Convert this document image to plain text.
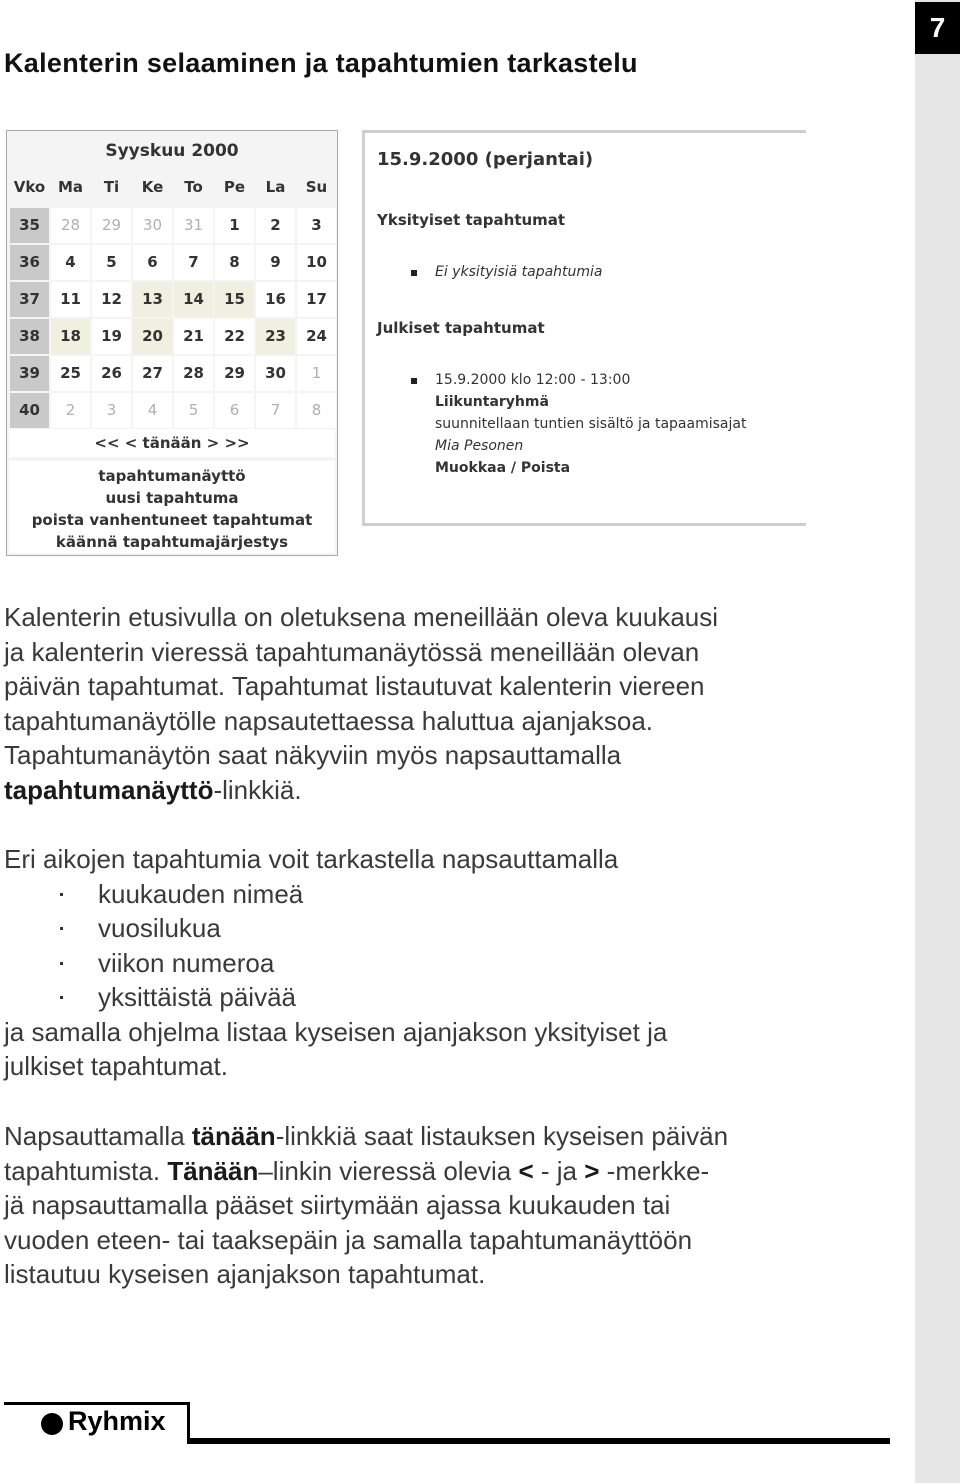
7
Kalenterin selaaminen ja tapahtumien tarkastelu
Syyskuu 2000
Vko Ma	Ti	Ke	To	Pe	La	Su
35	28	29	30	31	1	2	3
36	4	5	6	7	8	9	10
37	11	12	13	14	15	16	17
38	18	19	20	21	22	23	24
39	25	26	27	28	29	30	1
40	2	3	4	5	6	7	8
<< < tänään > >>
tapahtumanäyttö
uusi tapahtuma
poista vanhentuneet tapahtumat
käännä tapahtumajärjestys
15.9.2000 (perjantai)
Yksityiset tapahtumat
Ei yksityisiä tapahtumia
Julkiset tapahtumat
15.9.2000 klo 12:00 - 13:00
Liikuntaryhmä
suunnitellaan tuntien sisältö ja tapaamisajat
Mia Pesonen
Muokkaa / Poista
Kalenterin etusivulla on oletuksena meneillään oleva kuukausi
ja kalenterin vieressä tapahtumanäytössä meneillään olevan
päivän tapahtumat. Tapahtumat listautuvat kalenterin viereen
tapahtumanäytölle napsautettaessa haluttua ajanjaksoa.
Tapahtumanäytön saat näkyviin myös napsauttamalla
tapahtumanäyttö-linkkiä.
Eri aikojen tapahtumia voit tarkastella napsauttamalla
kuukauden nimeä
vuosilukua
viikon numeroa
yksittäistä päivää
ja samalla ohjelma listaa kyseisen ajanjakson yksityiset ja
julkiset tapahtumat.
Napsauttamalla tänään-linkkiä saat listauksen kyseisen päivän
tapahtumista. Tänään–linkin vieressä olevia < - ja > -merkke-
jä napsauttamalla pääset siirtymään ajassa kuukauden tai
vuoden eteen- tai taaksepäin ja samalla tapahtumanäyttöön
listautuu kyseisen ajanjakson tapahtumat.
Ryhmix
